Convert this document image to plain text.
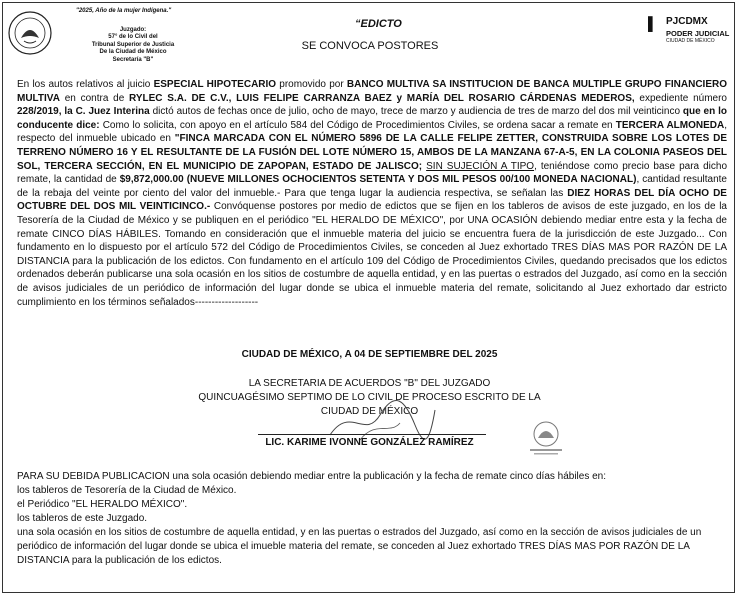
"2025, Año de la mujer Indígena."
Juzgado:
57° de lo Civil del
Tribunal Superior de Justicia
De la Ciudad de México
Secretaría "B"
“EDICTO
SE CONVOCA POSTORES
PJCDMX
▌
PODER JUDICIAL
CIUDAD DE MÉXICO
En los autos relativos al juicio ESPECIAL HIPOTECARIO promovido por BANCO MULTIVA SA INSTITUCION DE BANCA MULTIPLE GRUPO FINANCIERO MULTIVA en contra de RYLEC S.A. DE C.V., LUIS FELIPE CARRANZA BAEZ y MARÍA DEL ROSARIO CÁRDENAS MEDEROS, expediente número 228/2019, la C. Juez Interina dictó autos de fechas once de julio, ocho de mayo, trece de marzo y audiencia de tres de marzo del dos mil veinticinco que en lo conducente dice: Como lo solicita, con apoyo en el artículo 584 del Código de Procedimientos Civiles, se ordena sacar a remate en TERCERA ALMONEDA, respecto del inmueble ubicado en "FINCA MARCADA CON EL NÚMERO 5896 DE LA CALLE FELIPE ZETTER, CONSTRUIDA SOBRE LOS LOTES DE TERRENO NÚMERO 16 Y EL RESULTANTE DE LA FUSIÓN DEL LOTE NÚMERO 15, AMBOS DE LA MANZANA 67-A-5, EN LA COLONIA PASEOS DEL SOL, TERCERA SECCIÓN, EN EL MUNICIPIO DE ZAPOPAN, ESTADO DE JALISCO; SIN SUJECIÓN A TIPO, teniéndose como precio base para dicho remate, la cantidad de $9,872,000.00 (NUEVE MILLONES OCHOCIENTOS SETENTA Y DOS MIL PESOS 00/100 MONEDA NACIONAL), cantidad resultante de la rebaja del veinte por ciento del valor del inmueble.- Para que tenga lugar la audiencia respectiva, se señalan las DIEZ HORAS DEL DÍA OCHO DE OCTUBRE DEL DOS MIL VEINTICINCO.- Convóquense postores por medio de edictos que se fijen en los tableros de avisos de este juzgado, en los de la Tesorería de la Ciudad de México y se publiquen en el periódico "EL HERALDO DE MÉXICO", por UNA OCASIÓN debiendo mediar entre esta y la fecha de remate CINCO DÍAS HÁBILES. Tomando en consideración que el inmueble materia del juicio se encuentra fuera de la jurisdicción de este Juzgado... Con fundamento en lo dispuesto por el artículo 572 del Código de Procedimientos Civiles, se conceden al Juez exhortado TRES DÍAS MAS POR RAZÓN DE LA DISTANCIA para la publicación de los edictos. Con fundamento en el artículo 109 del Código de Procedimientos Civiles, quedando precisados que los edictos ordenados deberán publicarse una sola ocasión en los sitios de costumbre de aquella entidad, y en las puertas o estrados del Juzgado, así como en la sección de avisos judiciales de un periódico de información del lugar donde se ubica el inmueble materia del remate, solicitando al Juez exhortado dar estricto cumplimiento en los términos señalados-------------------
CIUDAD DE MÉXICO, A 04 DE SEPTIEMBRE DEL 2025
LA SECRETARIA DE ACUERDOS "B" DEL JUZGADO
QUINCUAGÉSIMO SEPTIMO DE LO CIVIL DE PROCESO ESCRITO DE LA
CIUDAD DE MÉXICO
LIC. KARIME IVONNE GONZÁLEZ RAMÍREZ

PARA SU DEBIDA PUBLICACION una sola ocasión debiendo mediar entre la publicación y la fecha de remate cinco días hábiles en:

los tableros de Tesorería de la Ciudad de México.

el Periódico "EL HERALDO MÉXICO".

los tableros de este Juzgado.

una sola ocasión en los sitios de costumbre de aquella entidad, y en las puertas o estrados del Juzgado, así como en la sección de avisos judiciales de un periódico de información del lugar donde se ubica el imueble materia del remate, se conceden al Juez exhortado TRES DÍAS MAS POR RAZÓN DE LA DISTANCIA para la publicación de los edictos.
